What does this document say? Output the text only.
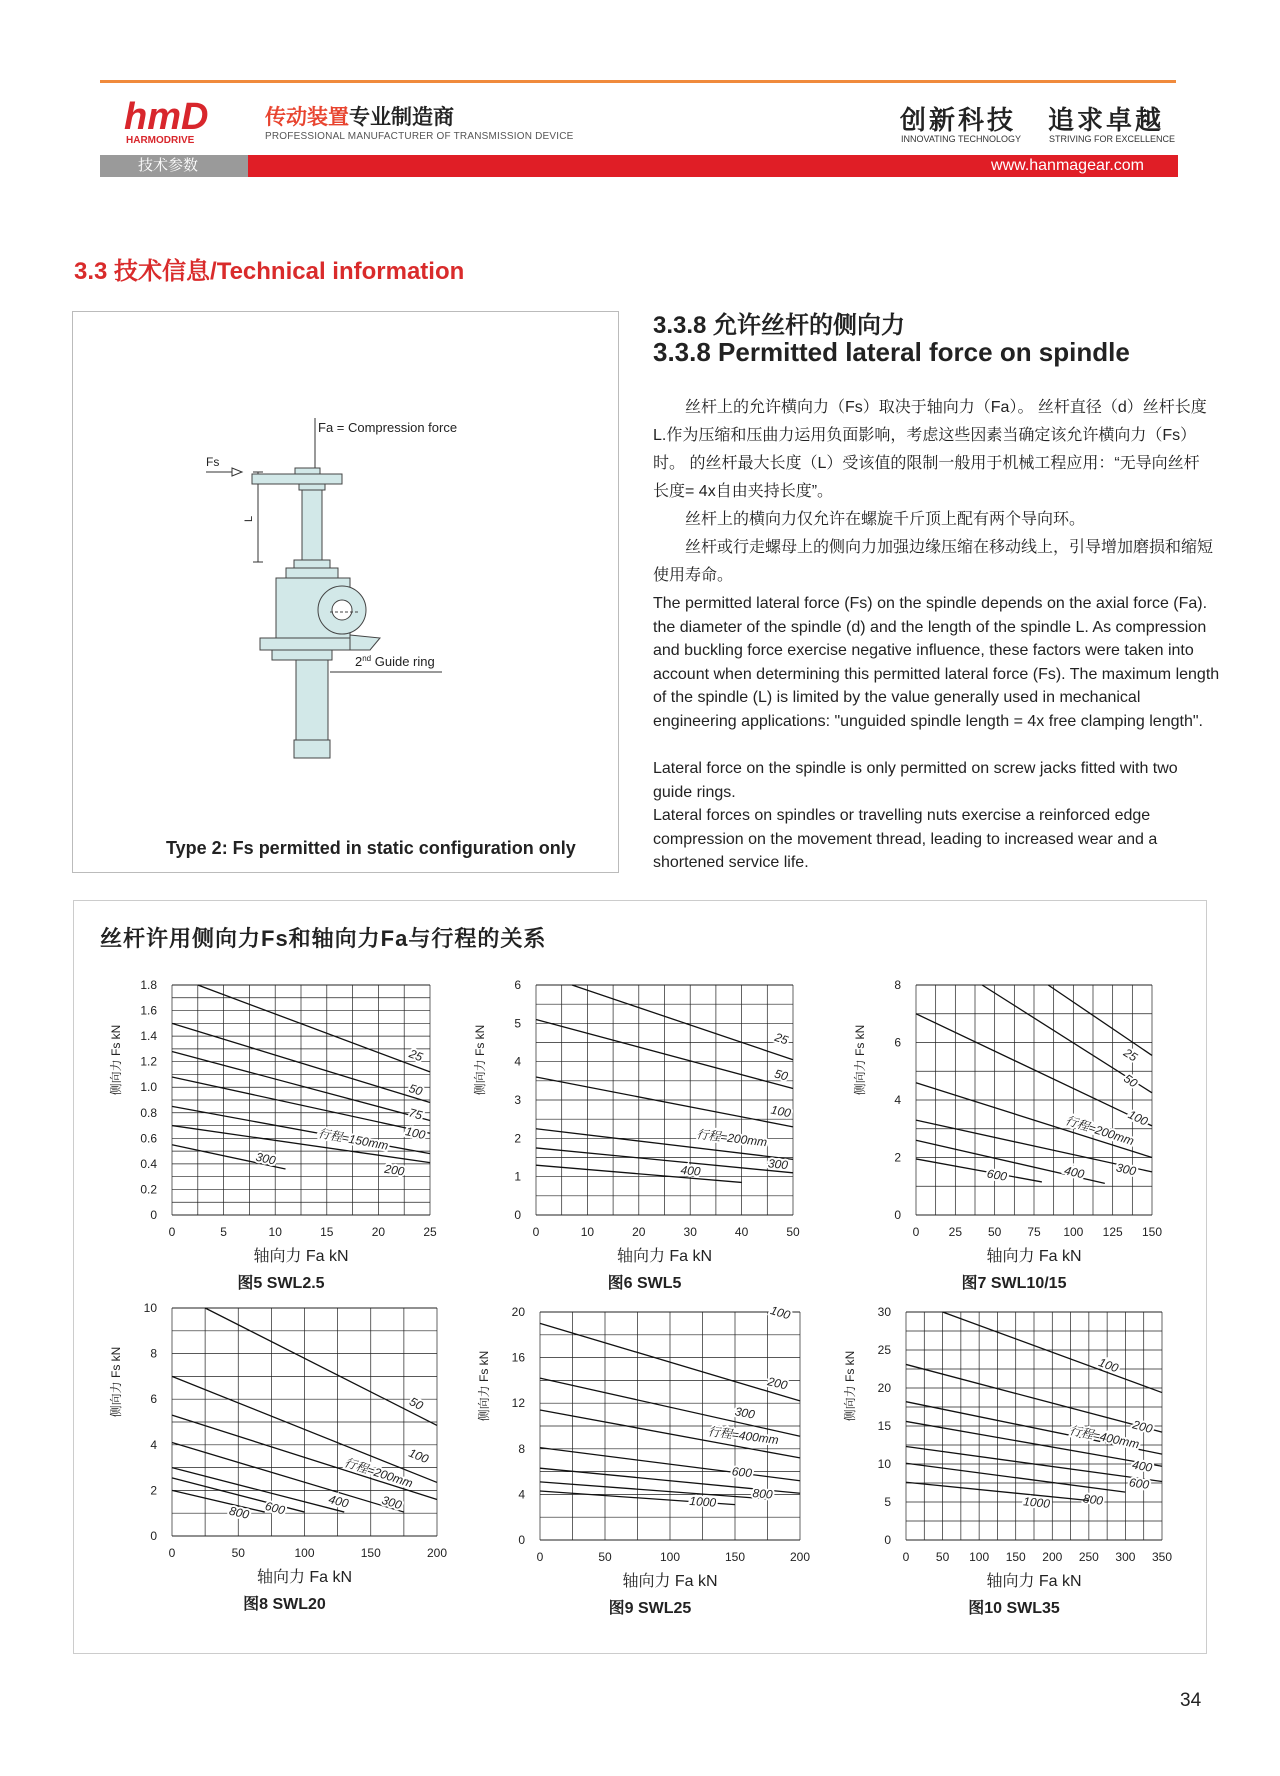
hmD
HARMODRIVE
传动装置专业制造商
PROFESSIONAL MANUFACTURER OF TRANSMISSION DEVICE
创新科技 追求卓越
INNOVATING TECHNOLOGY	STRIVING FOR EXCELLENCE
技术参数	www.hanmagear.com
3.3 技术信息/Technical information
Fa = Compression force
Fs
L
2nd Guide ring
Type 2: Fs permitted in static configuration only
3.3.8 允许丝杆的侧向力
3.3.8 Permitted lateral force on spindle
丝杆上的允许横向力（Fs）取决于轴向力（Fa）。 丝杆直径（d）丝杆长度L.作为压缩和压曲力运用负面影响，考虑这些因素当确定该允许横向力（Fs）时。 的丝杆最大长度（L）受该值的限制一般用于机械工程应用：“无导向丝杆长度= 4x自由夹持长度”。
丝杆上的横向力仅允许在螺旋千斤顶上配有两个导向环。
丝杆或行走螺母上的侧向力加强边缘压缩在移动线上，引导增加磨损和缩短使用寿命。
The permitted lateral force (Fs) on the spindle depends on the axial force (Fa). the diameter of the spindle (d) and the length of the spindle L. As compression and buckling force exercise negative influence, these factors were taken into account when determining this permitted lateral force (Fs). The maximum length of the spindle (L) is limited by the value generally used in mechanical engineering applications: "unguided spindle length = 4x free clamping length".
Lateral force on the spindle is only permitted on screw jacks fitted with two guide rings.
Lateral forces on spindles or travelling nuts exercise a reinforced edge compression on the movement thread, leading to increased wear and a shortened service life.
丝杆许用侧向力Fs和轴向力Fa与行程的关系
0	5	10	15	20	25
0
0.2
0.4
0.6
0.8
1.0
1.2
1.4
1.6
1.8
侧向力 Fs kN
轴向力 Fa kN
图5 SWL2.5
25
50
75
100
行程=150mm
200
300
0	10	20	30	40	50
0
1
2
3
4
5
6
侧向力 Fs kN
轴向力 Fa kN
图6 SWL5
25
50
100
行程=200mm
300
400
0 25 50 75 100 125 150
0
2
4
6
8
侧向力 Fs kN
轴向力 Fa kN
图7 SWL10/15
25
50
100
行程=200mm
300
400
600
0	50	100	150	200
0
2
4
6
8
10
侧向力 Fs kN
轴向力 Fa kN
图8 SWL20
50
100
行程=200mm
300
400
600
800
0	50	100	150	200
0
4
8
12
16
20
侧向力 Fs kN
轴向力 Fa kN
图9 SWL25
100
200
300
行程=400mm
600
800
1000
0 50 100 150 200 250 300 350
0
5
10
15
20
25
30
侧向力 Fs kN
轴向力 Fa kN
图10 SWL35
100
200
行程=400mm
400
600
800
1000
34
